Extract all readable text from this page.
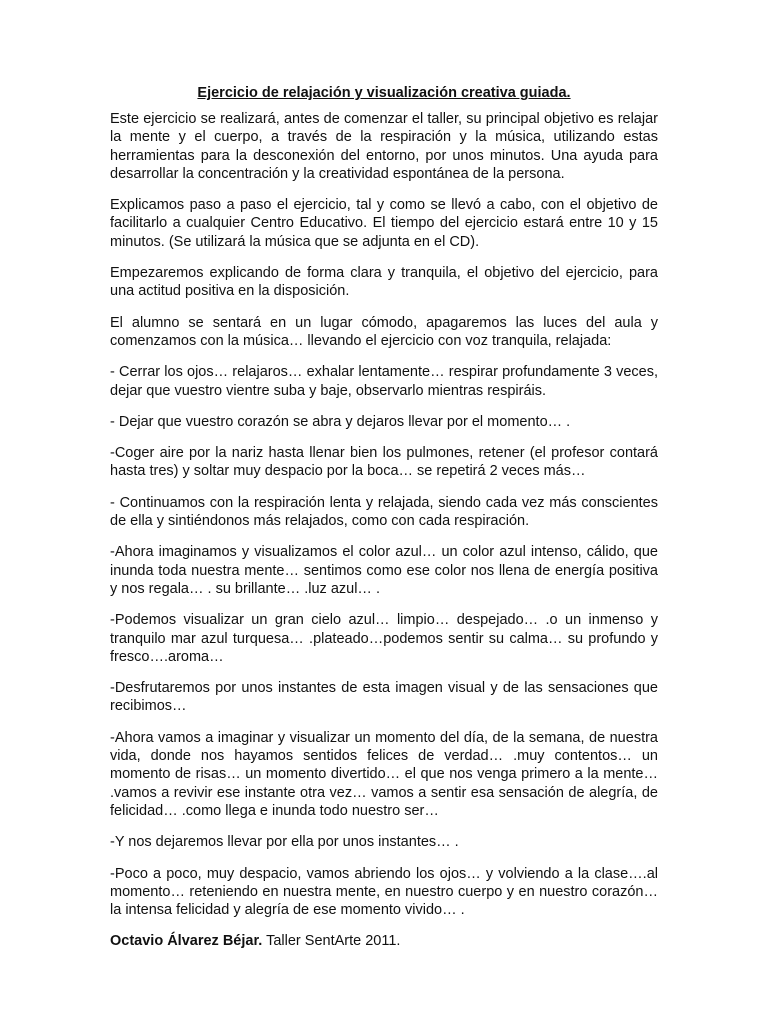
Ejercicio de relajación y visualización creativa guiada.

Este ejercicio se realizará, antes de comenzar el taller, su principal objetivo es relajar la mente y el cuerpo, a través de la respiración y la música, utilizando estas herramientas para la desconexión del entorno, por unos minutos. Una ayuda para desarrollar la concentración y la creatividad espontánea de la persona.

Explicamos paso a paso el ejercicio, tal y como se llevó a cabo, con el objetivo de facilitarlo a cualquier Centro Educativo. El tiempo del ejercicio estará entre 10 y 15 minutos. (Se utilizará la música que se adjunta en el CD).

Empezaremos explicando de forma clara y tranquila, el objetivo del ejercicio, para una actitud positiva en la disposición.

El alumno se sentará en un lugar cómodo, apagaremos las luces del aula y comenzamos con la música… llevando el ejercicio con voz tranquila, relajada:

- Cerrar los ojos… relajaros… exhalar lentamente… respirar profundamente 3 veces, dejar que vuestro vientre suba y baje, observarlo mientras respiráis.

- Dejar que vuestro corazón se abra y dejaros llevar por el momento… .

-Coger aire por la nariz hasta llenar bien los pulmones, retener (el profesor contará hasta tres) y soltar muy despacio por la boca… se repetirá 2 veces más…

- Continuamos con la respiración lenta y relajada, siendo cada vez más conscientes de ella y sintiéndonos más relajados, como con cada respiración.

-Ahora imaginamos y visualizamos el color azul… un color azul intenso, cálido, que inunda toda nuestra mente… sentimos como ese color nos llena de energía positiva y nos regala… . su brillante… .luz azul… .

-Podemos visualizar un gran cielo azul… limpio… despejado… .o un inmenso y tranquilo mar azul turquesa… .plateado…podemos sentir su calma… su profundo y fresco….aroma…

-Desfrutaremos por unos instantes de esta imagen visual y de las sensaciones que recibimos…

-Ahora vamos a imaginar y visualizar un momento del día, de la semana, de nuestra vida, donde nos hayamos sentidos felices de verdad… .muy contentos… un momento de risas… un momento divertido… el que nos venga primero a la mente… .vamos a revivir ese instante otra vez… vamos a sentir esa sensación de alegría, de felicidad… .como llega e inunda todo nuestro ser…

-Y nos dejaremos llevar por ella por unos instantes… .

-Poco a poco, muy despacio, vamos abriendo los ojos… y volviendo a la clase….al momento… reteniendo en nuestra mente, en nuestro cuerpo y en nuestro corazón… la intensa felicidad y alegría de ese momento vivido… .

Octavio Álvarez Béjar. Taller SentArte 2011.
